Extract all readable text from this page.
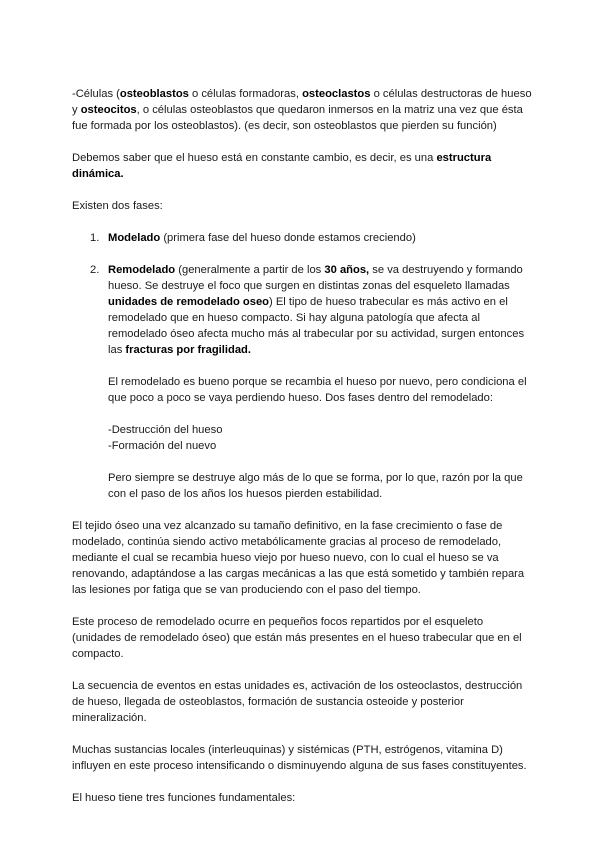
-Células (osteoblastos o células formadoras, osteoclastos o células destructoras de hueso y osteocitos, o células osteoblastos que quedaron inmersos en la matriz una vez que ésta fue formada por los osteoblastos). (es decir, son osteoblastos que pierden su función)

Debemos saber que el hueso está en constante cambio, es decir, es una estructura dinámica.

Existen dos fases:

1. Modelado (primera fase del hueso donde estamos creciendo)

2. Remodelado (generalmente a partir de los 30 años, se va destruyendo y formando hueso. Se destruye el foco que surgen en distintas zonas del esqueleto llamadas unidades de remodelado oseo) El tipo de hueso trabecular es más activo en el remodelado que en hueso compacto. Si hay alguna patología que afecta al remodelado óseo afecta mucho más al trabecular por su actividad, surgen entonces las fracturas por fragilidad.

El remodelado es bueno porque se recambia el hueso por nuevo, pero condiciona el que poco a poco se vaya perdiendo hueso. Dos fases dentro del remodelado:

-Destrucción del hueso

-Formación del nuevo

Pero siempre se destruye algo más de lo que se forma, por lo que, razón por la que con el paso de los años los huesos pierden estabilidad.

El tejido óseo una vez alcanzado su tamaño definitivo, en la fase crecimiento o fase de modelado, continúa siendo activo metabólicamente gracias al proceso de remodelado, mediante el cual se recambia hueso viejo por hueso nuevo, con lo cual el hueso se va renovando, adaptándose a las cargas mecánicas a las que está sometido y también repara las lesiones por fatiga que se van produciendo con el paso del tiempo.

Este proceso de remodelado ocurre en pequeños focos repartidos por el esqueleto (unidades de remodelado óseo) que están más presentes en el hueso trabecular que en el compacto.

La secuencia de eventos en estas unidades es, activación de los osteoclastos, destrucción de hueso, llegada de osteoblastos, formación de sustancia osteoide y posterior mineralización.

Muchas sustancias locales (interleuquinas) y sistémicas (PTH, estrógenos, vitamina D) influyen en este proceso intensificando o disminuyendo alguna de sus fases constituyentes.

El hueso tiene tres funciones fundamentales:
